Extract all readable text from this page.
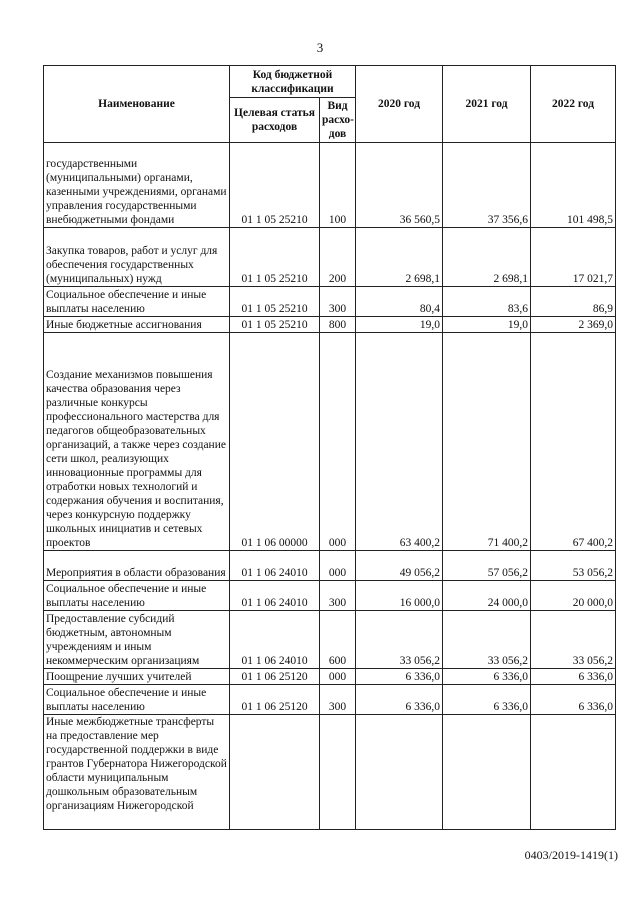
3
Наименование	Код бюджетной классификации		2020 год	2021 год	2022 год
	Целевая статья расходов	Вид расхо-дов			
государственными (муниципальными) органами, казенными учреждениями, органами управления государственными внебюджетными фондами	01 1 05 25210	100	36 560,5	37 356,6	101 498,5
Закупка товаров, работ и услуг для обеспечения государственных (муниципальных) нужд	01 1 05 25210	200	2 698,1	2 698,1	17 021,7
Социальное обеспечение и иные выплаты населению	01 1 05 25210	300	80,4	83,6	86,9
Иные бюджетные ассигнования	01 1 05 25210	800	19,0	19,0	2 369,0
Создание механизмов повышения качества образования через различные конкурсы профессионального мастерства для педагогов общеобразовательных организаций, а также через создание сети школ, реализующих инновационные программы для отработки новых технологий и содержания обучения и воспитания, через конкурсную поддержку школьных инициатив и сетевых проектов	01 1 06 00000	000	63 400,2	71 400,2	67 400,2
Мероприятия в области образования	01 1 06 24010	000	49 056,2	57 056,2	53 056,2
Социальное обеспечение и иные выплаты населению	01 1 06 24010	300	16 000,0	24 000,0	20 000,0
Предоставление субсидий бюджетным, автономным учреждениям и иным некоммерческим организациям	01 1 06 24010	600	33 056,2	33 056,2	33 056,2
Поощрение лучших учителей	01 1 06 25120	000	6 336,0	6 336,0	6 336,0
Социальное обеспечение и иные выплаты населению	01 1 06 25120	300	6 336,0	6 336,0	6 336,0
Иные межбюджетные трансферты на предоставление мер государственной поддержки в виде грантов Губернатора Нижегородской области муниципальным дошкольным образовательным организациям Нижегородской					
0403/2019-1419(1)
